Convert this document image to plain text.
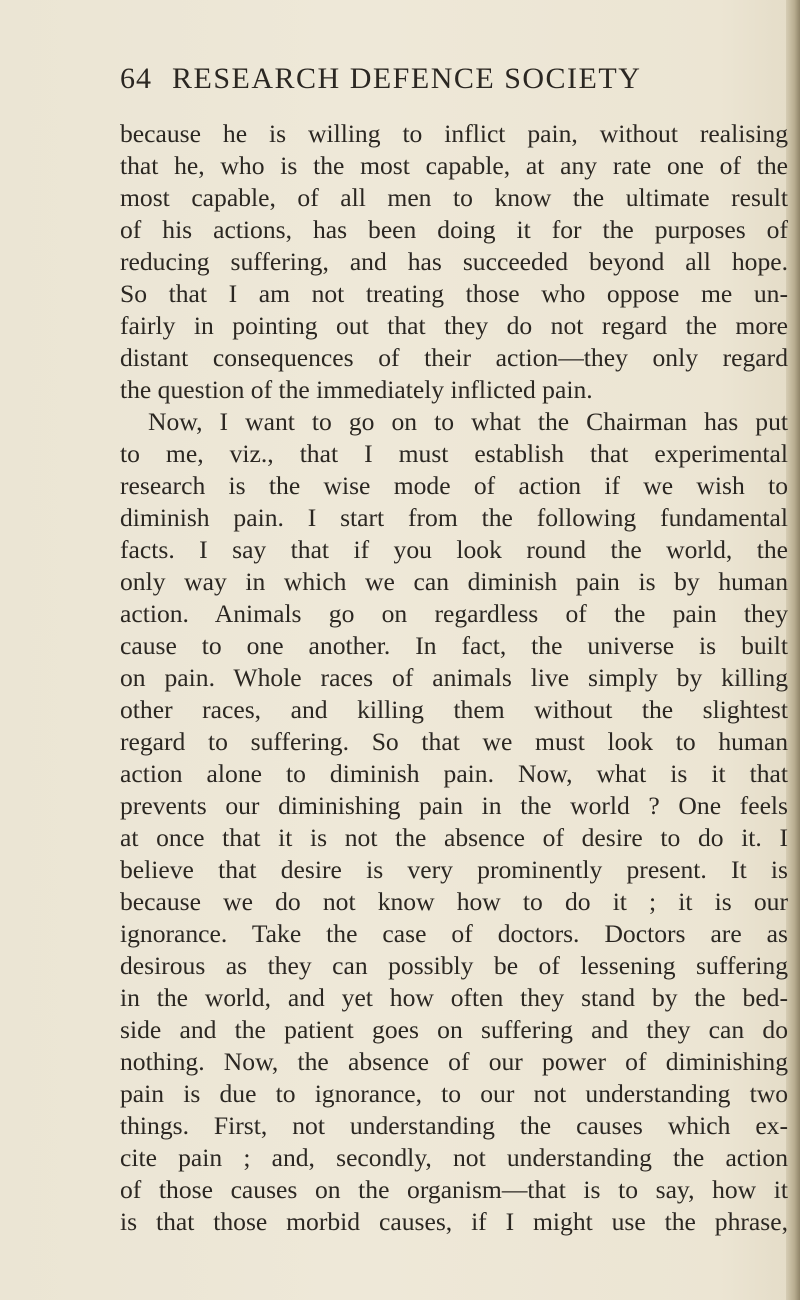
64 RESEARCH DEFENCE SOCIETY
because he is willing to inflict pain, without realising
that he, who is the most capable, at any rate one of the
most capable, of all men to know the ultimate result
of his actions, has been doing it for the purposes of
reducing suffering, and has succeeded beyond all hope.
So that I am not treating those who oppose me un-
fairly in pointing out that they do not regard the more
distant consequences of their action—they only regard
the question of the immediately inflicted pain.
Now, I want to go on to what the Chairman has put
to me, viz., that I must establish that experimental
research is the wise mode of action if we wish to
diminish pain. I start from the following fundamental
facts. I say that if you look round the world, the
only way in which we can diminish pain is by human
action. Animals go on regardless of the pain they
cause to one another. In fact, the universe is built
on pain. Whole races of animals live simply by killing
other races, and killing them without the slightest
regard to suffering. So that we must look to human
action alone to diminish pain. Now, what is it that
prevents our diminishing pain in the world ? One feels
at once that it is not the absence of desire to do it. I
believe that desire is very prominently present. It is
because we do not know how to do it ; it is our
ignorance. Take the case of doctors. Doctors are as
desirous as they can possibly be of lessening suffering
in the world, and yet how often they stand by the bed-
side and the patient goes on suffering and they can do
nothing. Now, the absence of our power of diminishing
pain is due to ignorance, to our not understanding two
things. First, not understanding the causes which ex-
cite pain ; and, secondly, not understanding the action
of those causes on the organism—that is to say, how it
is that those morbid causes, if I might use the phrase,
